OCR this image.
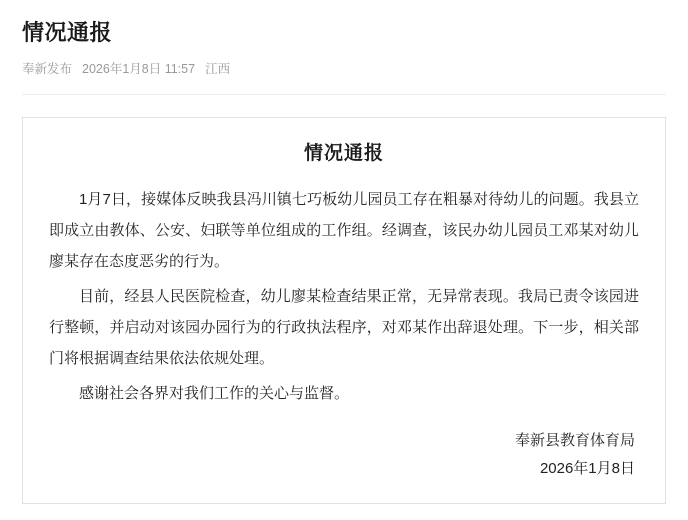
情况通报
奉新发布 2026年1月8日 11:57 江西
情况通报

1月7日，接媒体反映我县冯川镇七巧板幼儿园员工存在粗暴对待幼儿的问题。我县立即成立由教体、公安、妇联等单位组成的工作组。经调查，该民办幼儿园员工邓某对幼儿廖某存在态度恶劣的行为。

目前，经县人民医院检查，幼儿廖某检查结果正常，无异常表现。我局已责令该园进行整顿，并启动对该园办园行为的行政执法程序，对邓某作出辞退处理。下一步，相关部门将根据调查结果依法依规处理。

感谢社会各界对我们工作的关心与监督。

奉新县教育体育局
2026年1月8日
